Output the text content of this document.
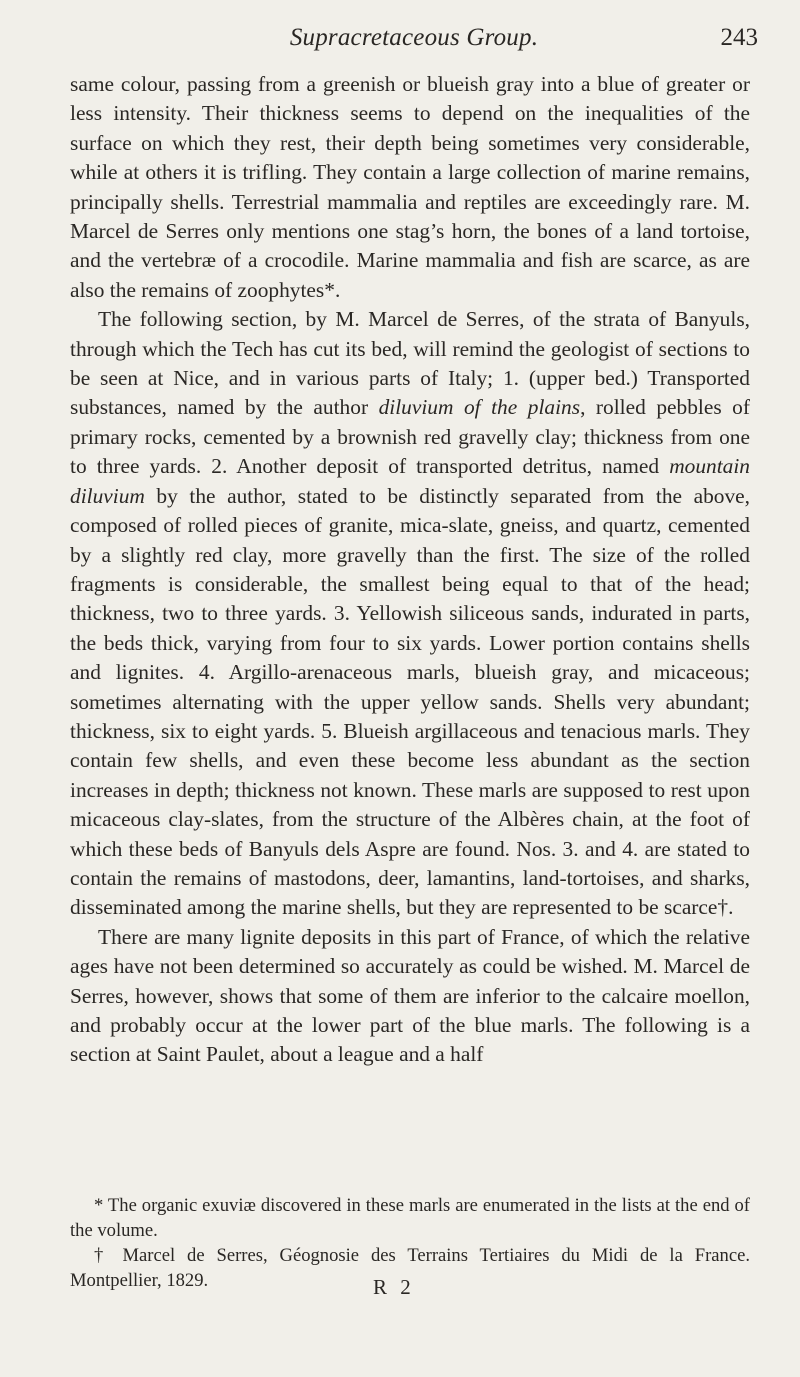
Supracretaceous Group.	243

same colour, passing from a greenish or blueish gray into a blue of greater or less intensity. Their thickness seems to depend on the inequalities of the surface on which they rest, their depth being sometimes very considerable, while at others it is trifling. They contain a large collection of marine remains, principally shells. Terrestrial mammalia and reptiles are exceedingly rare. M. Marcel de Serres only mentions one stag’s horn, the bones of a land tortoise, and the vertebræ of a crocodile. Marine mammalia and fish are scarce, as are also the remains of zoophytes*.

The following section, by M. Marcel de Serres, of the strata of Banyuls, through which the Tech has cut its bed, will remind the geologist of sections to be seen at Nice, and in various parts of Italy; 1. (upper bed.) Transported substances, named by the author diluvium of the plains, rolled pebbles of primary rocks, cemented by a brownish red gravelly clay; thickness from one to three yards. 2. Another deposit of transported detritus, named mountain diluvium by the author, stated to be distinctly separated from the above, composed of rolled pieces of granite, mica-slate, gneiss, and quartz, cemented by a slightly red clay, more gravelly than the first. The size of the rolled fragments is considerable, the smallest being equal to that of the head; thickness, two to three yards. 3. Yellowish siliceous sands, indurated in parts, the beds thick, varying from four to six yards. Lower portion contains shells and lignites. 4. Argillo-arenaceous marls, blueish gray, and micaceous; sometimes alternating with the upper yellow sands. Shells very abundant; thickness, six to eight yards. 5. Blueish argillaceous and tenacious marls. They contain few shells, and even these become less abundant as the section increases in depth; thickness not known. These marls are supposed to rest upon micaceous clay-slates, from the structure of the Albères chain, at the foot of which these beds of Banyuls dels Aspre are found. Nos. 3. and 4. are stated to contain the remains of mastodons, deer, lamantins, land-tortoises, and sharks, disseminated among the marine shells, but they are represented to be scarce†.

There are many lignite deposits in this part of France, of which the relative ages have not been determined so accurately as could be wished. M. Marcel de Serres, however, shows that some of them are inferior to the calcaire moellon, and probably occur at the lower part of the blue marls. The following is a section at Saint Paulet, about a league and a half

* The organic exuviæ discovered in these marls are enumerated in the lists at the end of the volume.

† Marcel de Serres, Géognosie des Terrains Tertiaires du Midi de la France. Montpellier, 1829.	R 2
